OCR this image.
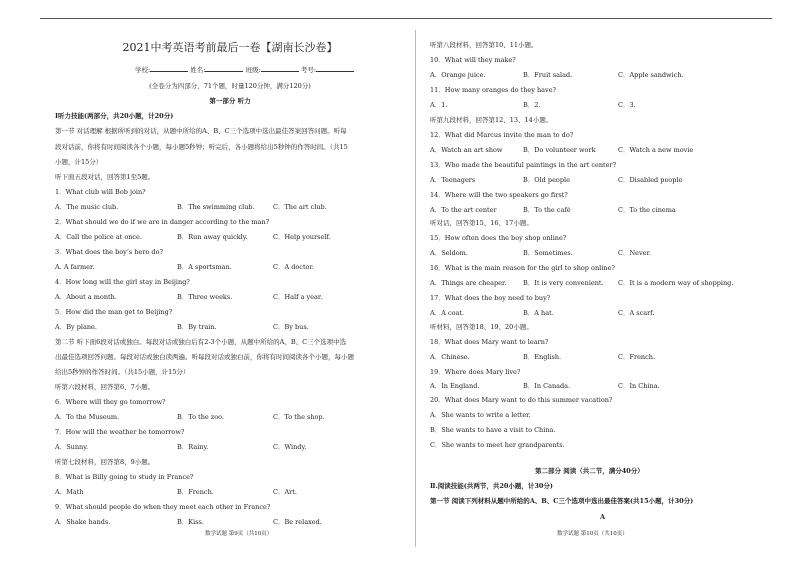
2021中考英语考前最后一卷【湖南长沙卷】
学校:	姓名:	班级:	考号:
(全卷分为四部分，71个题，时量120分钟，满分120分)
第一部分 听力
Ⅰ听力技能(两部分，共20小题，计20分)
第一节 对话理解 根据所听到的对话，从题中所给的A、B、C三个选项中选出最佳答案回答问题。听每
段对话前，你将有时间阅读各个小题，每小题5秒钟；听完后，各小题将给出5秒钟的作答时间。（共15
小题，计15分）
听下面五段对话，回答第1至5题。
1．What club will Bob join?
A．The music club.	B．The swimming club.	C．The art club.
2．What should we do if we are in danger according to the man?
A．Call the police at once.	B．Run away quickly.	C．Help yourself.
3．What does the boy’s hero do?
A. A farmer.	B．A sportsman.	C．A doctor.
4．How long will the girl stay in Beijing?
A．About a month.	B．Three weeks.	C．Half a year.
5．How did the man get to Beijing?
A．By plane.	B．By train.	C．By bus.
第二节 听下面6段对话或独白。每段对话或独白后有2-3个小题，从题中所给的A、B、C三个选项中选
出最佳选项回答问题。每段对话或独白读两遍。听每段对话或独白前，你将有时间阅读各个小题，每小题
给出5秒钟的作答时间。（共15小题，计15分）
听第六段材料，回答第6、7小题。
6．Where will they go tomorrow?
A．To the Museum.	B．To the zoo.	C．To the shop.
7．How will the weather be tomorrow?
A．Sunny.	B．Rainy.	C．Windy.
听第七段材料，回答第8、9小题。
8．What is Billy going to study in France?
A．Math	B．French.	C．Art.
9．What should people do when they meet each other in France?
A．Shake hands.	B．Kiss.	C．Be relaxed.
数学试题 第9页（共10页）
听第八段材料，回答第10、11小题。
10．What will they make?
A．Orange juice.	B．Fruit salad.	C．Apple sandwich.
11．How many oranges do they have?
A．1.	B．2.	C．3.
听第九段材料，回答第12、13、14小题。
12．What did Marcus invite the man to do?
A．Watch an art show	B．Do volunteer work	C．Watch a new movie
13．Who made the beautiful paintings in the art center?
A．Teenagers	B．Old people	C．Disabled people
14．Where will the two speakers go first?
A．To the art center	B．To the café	C．To the cinema
听对话，回答第15、16、17小题。
15．How often does the boy shop online?
A．Seldom.	B．Sometimes.	C．Never.
16．What is the main reason for the girl to shop online?
A．Things are cheaper.	B．It is very convenient. C．It is a modern way of shopping.
17．What does the boy need to buy?
A．A coat.	B．A hat.	C．A scarf.
听材料，回答第18、19、20小题。
18．What does Mary want to learn?
A．Chinese.	B．English.	C．French.
19．Where does Mary live?
A．In England.	B．In Canada.	C．In China.
20．What does Mary want to do this summer vacation?
A．She wants to write a letter.
B．She wants to have a visit to China.
C．She wants to meet her grandparents.
第二部分 阅读（共二节，满分40分）
Ⅱ.阅读技能(共两节，共20小题，计30分)
第一节 阅读下列材料从题中所给的A、B、C三个选项中选出最佳答案(共15小题，计30分)
A
数学试题 第10页（共10页）
